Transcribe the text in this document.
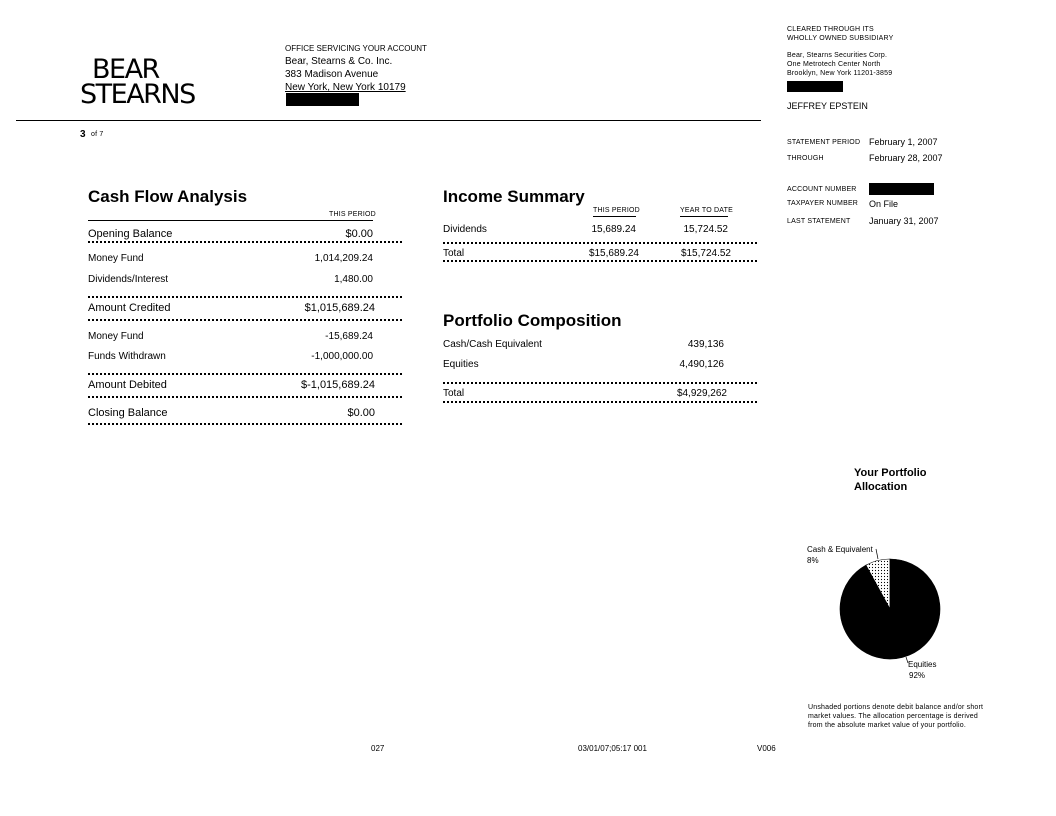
BEAR
STEARNS
OFFICE SERVICING YOUR ACCOUNT
Bear, Stearns & Co. Inc.
383 Madison Avenue
New York, New York 10179
CLEARED THROUGH ITS
WHOLLY OWNED SUBSIDIARY
Bear, Stearns Securities Corp.
One Metrotech Center North
Brooklyn, New York 11201-3859
JEFFREY EPSTEIN
3 of 7
STATEMENT PERIOD February 1, 2007
THROUGH	February 28, 2007
ACCOUNT NUMBER
TAXPAYER NUMBER On File
LAST STATEMENT January 31, 2007
Cash Flow Analysis
THIS PERIOD
Opening Balance	$0.00
Money Fund	1,014,209.24
Dividends/Interest	1,480.00
Amount Credited	$1,015,689.24
Money Fund	-15,689.24
Funds Withdrawn	-1,000,000.00
Amount Debited	$-1,015,689.24
Closing Balance	$0.00
Income Summary
THIS PERIOD	YEAR TO DATE
Dividends	15,689.24	15,724.52
Total	$15,689.24	$15,724.52
Portfolio Composition
Cash/Cash Equivalent	439,136
Equities	4,490,126
Total	$4,929,262
Your Portfolio
Allocation
Cash & Equivalent
8%
Equities
92%
Unshaded portions denote debit balance and/or short
market values. The allocation percentage is derived
from the absolute market value of your portfolio.
027	03/01/07;05:17 001	V006
